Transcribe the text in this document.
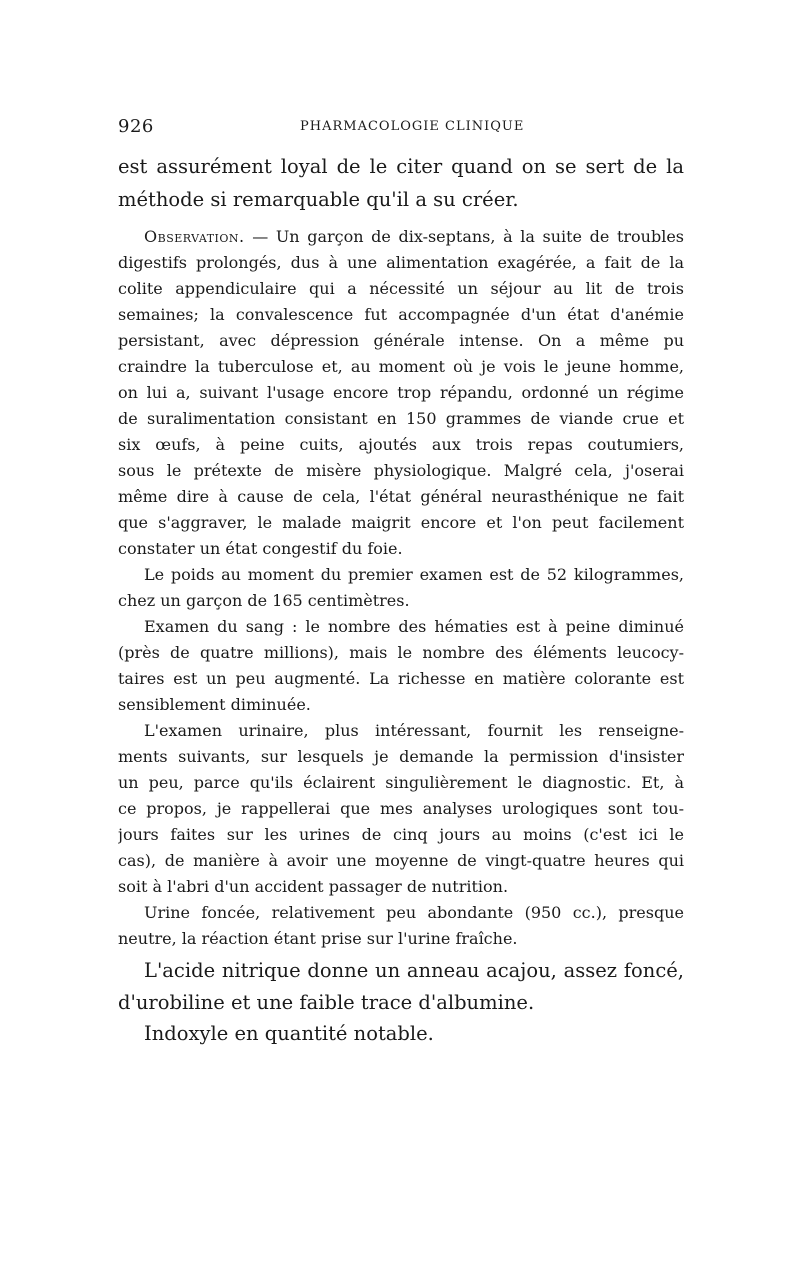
926	PHARMACOLOGIE CLINIQUE
est assurément loyal de le citer quand on se sert de la
méthode si remarquable qu'il a su créer.
Observation. — Un garçon de dix-septans, à la suite de troubles
digestifs prolongés, dus à une alimentation exagérée, a fait de la
colite appendiculaire qui a nécessité un séjour au lit de trois
semaines; la convalescence fut accompagnée d'un état d'anémie
persistant, avec dépression générale intense. On a même pu
craindre la tuberculose et, au moment où je vois le jeune homme,
on lui a, suivant l'usage encore trop répandu, ordonné un régime
de suralimentation consistant en 150 grammes de viande crue et
six œufs, à peine cuits, ajoutés aux trois repas coutumiers,
sous le prétexte de misère physiologique. Malgré cela, j'oserai
même dire à cause de cela, l'état général neurasthénique ne fait
que s'aggraver, le malade maigrit encore et l'on peut facilement
constater un état congestif du foie.
Le poids au moment du premier examen est de 52 kilogrammes,
chez un garçon de 165 centimètres.
Examen du sang : le nombre des hématies est à peine diminué
(près de quatre millions), mais le nombre des éléments leucocy-
taires est un peu augmenté. La richesse en matière colorante est
sensiblement diminuée.
L'examen urinaire, plus intéressant, fournit les renseigne-
ments suivants, sur lesquels je demande la permission d'insister
un peu, parce qu'ils éclairent singulièrement le diagnostic. Et, à
ce propos, je rappellerai que mes analyses urologiques sont tou-
jours faites sur les urines de cinq jours au moins (c'est ici le
cas), de manière à avoir une moyenne de vingt-quatre heures qui
soit à l'abri d'un accident passager de nutrition.
Urine foncée, relativement peu abondante (950 cc.), presque
neutre, la réaction étant prise sur l'urine fraîche.
L'acide nitrique donne un anneau acajou, assez foncé,
d'urobiline et une faible trace d'albumine.
Indoxyle en quantité notable.
